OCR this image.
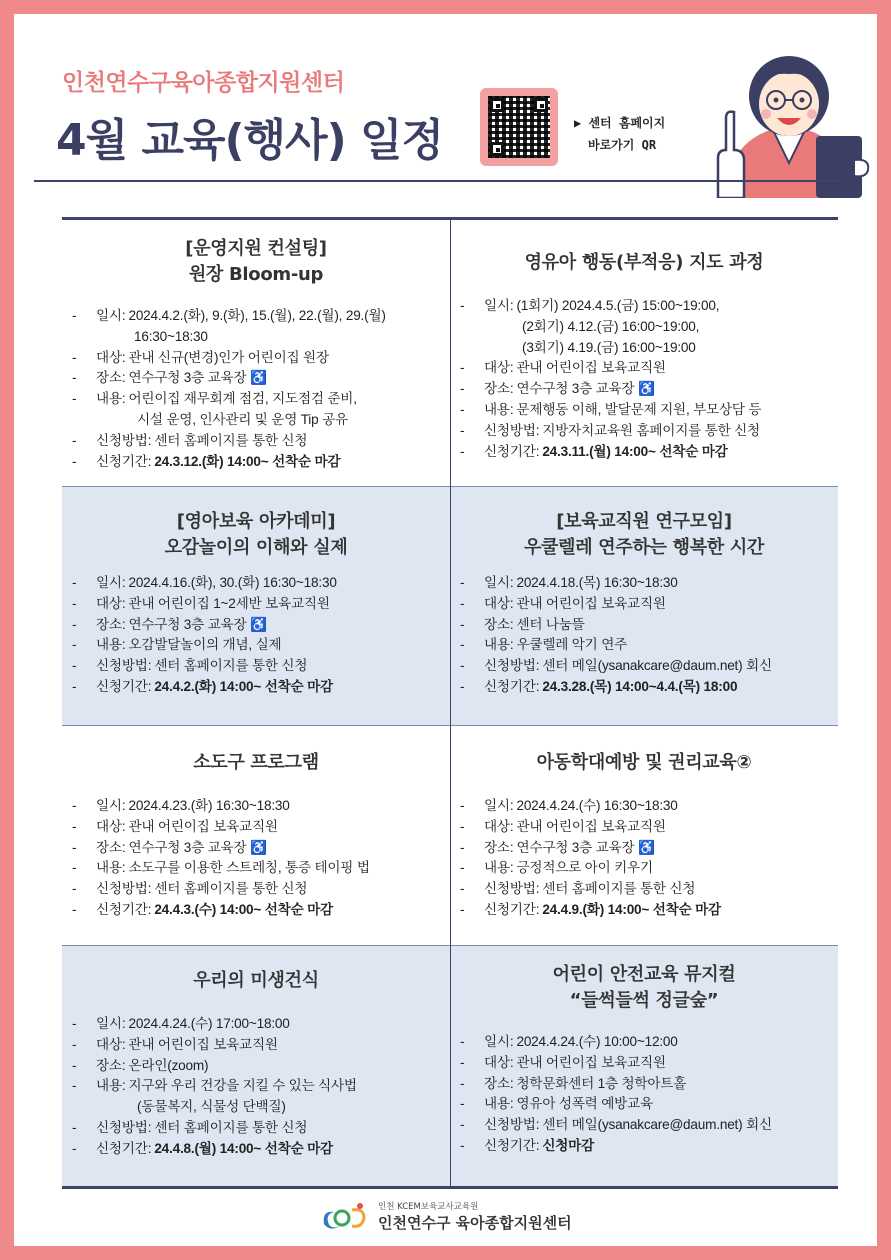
인천연수구육아종합지원센터
4월 교육(행사) 일정	▶ 센터 홈페이지
바로가기 QR
[운영지원 컨설팅]
원장 Bloom-up
- 일시: 2024.4.2.(화), 9.(화), 15.(월), 22.(월), 29.(월)
16:30~18:30
- 대상: 관내 신규(변경)인가 어린이집 원장
- 장소: 연수구청 3층 교육장 ♿
- 내용: 어린이집 재무회계 점검, 지도점검 준비,
시설 운영, 인사관리 및 운영 Tip 공유
- 신청방법: 센터 홈페이지를 통한 신청
- 신청기간: 24.3.12.(화) 14:00~ 선착순 마감
영유아 행동(부적응) 지도 과정
- 일시: (1회기) 2024.4.5.(금) 15:00~19:00,
(2회기) 4.12.(금) 16:00~19:00,
(3회기) 4.19.(금) 16:00~19:00
- 대상: 관내 어린이집 보육교직원
- 장소: 연수구청 3층 교육장 ♿
- 내용: 문제행동 이해, 발달문제 지원, 부모상담 등
- 신청방법: 지방자치교육원 홈페이지를 통한 신청
- 신청기간: 24.3.11.(월) 14:00~ 선착순 마감
[영아보육 아카데미]
오감놀이의 이해와 실제
- 일시: 2024.4.16.(화), 30.(화) 16:30~18:30
- 대상: 관내 어린이집 1~2세반 보육교직원
- 장소: 연수구청 3층 교육장 ♿
- 내용: 오감발달놀이의 개념, 실제
- 신청방법: 센터 홈페이지를 통한 신청
- 신청기간: 24.4.2.(화) 14:00~ 선착순 마감
[보육교직원 연구모임]
우쿨렐레 연주하는 행복한 시간
- 일시: 2024.4.18.(목) 16:30~18:30
- 대상: 관내 어린이집 보육교직원
- 장소: 센터 나눔뜰
- 내용: 우쿨렐레 악기 연주
- 신청방법: 센터 메일(ysanakcare@daum.net) 회신
- 신청기간: 24.3.28.(목) 14:00~4.4.(목) 18:00
소도구 프로그램
- 일시: 2024.4.23.(화) 16:30~18:30
- 대상: 관내 어린이집 보육교직원
- 장소: 연수구청 3층 교육장 ♿
- 내용: 소도구를 이용한 스트레칭, 통증 테이핑 법
- 신청방법: 센터 홈페이지를 통한 신청
- 신청기간: 24.4.3.(수) 14:00~ 선착순 마감
아동학대예방 및 권리교육②
- 일시: 2024.4.24.(수) 16:30~18:30
- 대상: 관내 어린이집 보육교직원
- 장소: 연수구청 3층 교육장 ♿
- 내용: 긍정적으로 아이 키우기
- 신청방법: 센터 홈페이지를 통한 신청
- 신청기간: 24.4.9.(화) 14:00~ 선착순 마감
우리의 미생건식
- 일시: 2024.4.24.(수) 17:00~18:00
- 대상: 관내 어린이집 보육교직원
- 장소: 온라인(zoom)
- 내용: 지구와 우리 건강을 지킬 수 있는 식사법
(동물복지, 식물성 단백질)
- 신청방법: 센터 홈페이지를 통한 신청
- 신청기간: 24.4.8.(월) 14:00~ 선착순 마감
어린이 안전교육 뮤지컬
“들썩들썩 정글숲”
- 일시: 2024.4.24.(수) 10:00~12:00
- 대상: 관내 어린이집 보육교직원
- 장소: 청학문화센터 1층 청학아트홀
- 내용: 영유아 성폭력 예방교육
- 신청방법: 센터 메일(ysanakcare@daum.net) 회신
- 신청기간: 신청마감
인천 KCEM보육교사교육원
인천연수구 육아종합지원센터
